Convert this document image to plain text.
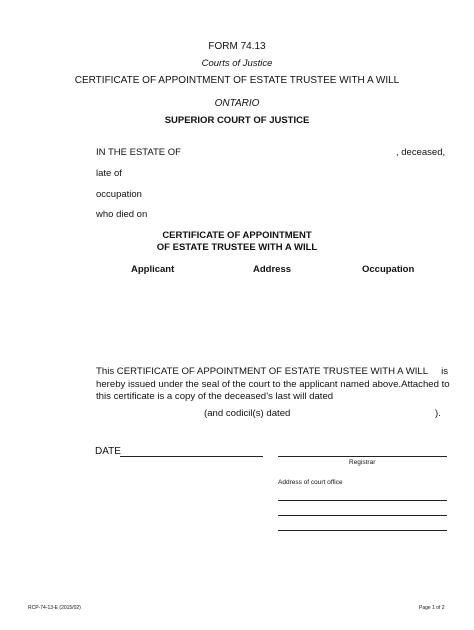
FORM 74.13
Courts of Justice
CERTIFICATE OF APPOINTMENT OF ESTATE TRUSTEE WITH A WILL
ONTARIO
SUPERIOR COURT OF JUSTICE
IN THE ESTATE OF	, deceased,
late of
occupation
who died on
CERTIFICATE OF APPOINTMENT
OF ESTATE TRUSTEE WITH A WILL
Applicant	Address	Occupation
This CERTIFICATE OF APPOINTMENT OF ESTATE TRUSTEE WITH A WILL is
hereby issued under the seal of the court to the applicant named above. Attached to
this certificate is a copy of the deceased’s last will dated
(and codicil(s) dated	).
DATE
Registrar
Address of court office
RCP-74-13-E (2015/02)	Page 1 of 2
